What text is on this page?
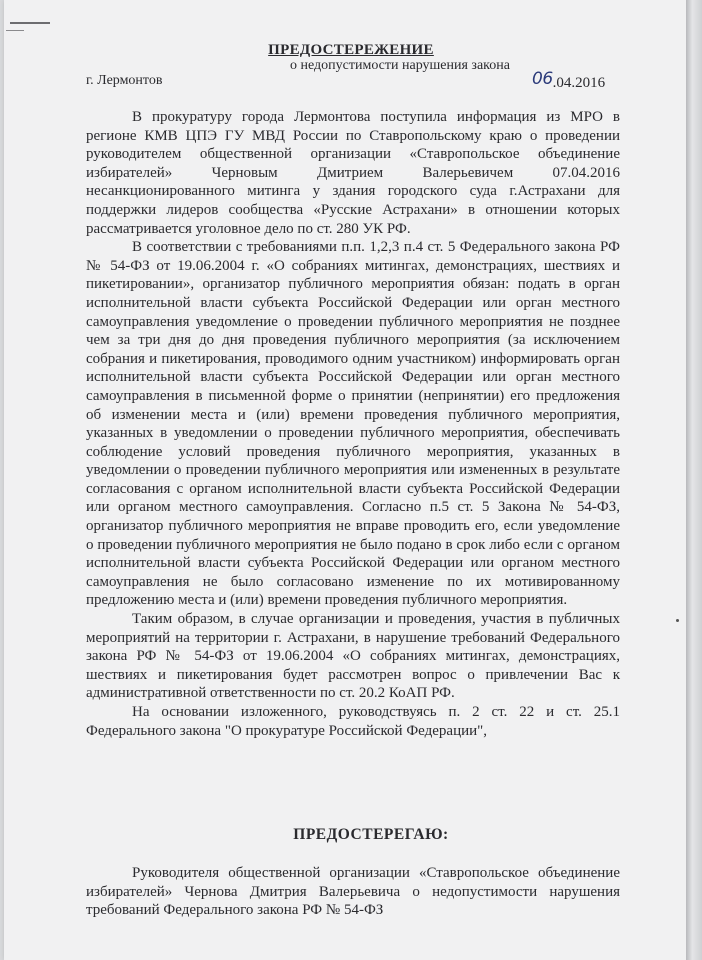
ПРЕДОСТЕРЕЖЕНИЕ
о недопустимости нарушения закона
г. Лермонтов	06.04.2016

В прокуратуру города Лермонтова поступила информация из МРО в регионе КМВ ЦПЭ ГУ МВД России по Ставропольскому краю о проведении руководителем общественной организации «Ставропольское объединение избирателей» Черновым Дмитрием Валерьевичем 07.04.2016 несанкционированного митинга у здания городского суда г.Астрахани для поддержки лидеров сообщества «Русские Астрахани» в отношении которых рассматривается уголовное дело по ст. 280 УК РФ.

В соответствии с требованиями п.п. 1,2,3 п.4 ст. 5 Федерального закона РФ № 54-ФЗ от 19.06.2004 г. «О собраниях митингах, демонстрациях, шествиях и пикетировании», организатор публичного мероприятия обязан: подать в орган исполнительной власти субъекта Российской Федерации или орган местного самоуправления уведомление о проведении публичного мероприятия не позднее чем за три дня до дня проведения публичного мероприятия (за исключением собрания и пикетирования, проводимого одним участником) информировать орган исполнительной власти субъекта Российской Федерации или орган местного самоуправления в письменной форме о принятии (непринятии) его предложения об изменении места и (или) времени проведения публичного мероприятия, указанных в уведомлении о проведении публичного мероприятия, обеспечивать соблюдение условий проведения публичного мероприятия, указанных в уведомлении о проведении публичного мероприятия или измененных в результате согласования с органом исполнительной власти субъекта Российской Федерации или органом местного самоуправления. Согласно п.5 ст. 5 Закона № 54-ФЗ, организатор публичного мероприятия не вправе проводить его, если уведомление о проведении публичного мероприятия не было подано в срок либо если с органом исполнительной власти субъекта Российской Федерации или органом местного самоуправления не было согласовано изменение по их мотивированному предложению места и (или) времени проведения публичного мероприятия.

Таким образом, в случае организации и проведения, участия в публичных мероприятий на территории г. Астрахани, в нарушение требований Федерального закона РФ № 54-ФЗ от 19.06.2004 «О собраниях митингах, демонстрациях, шествиях и пикетирования будет рассмотрен вопрос о привлечении Вас к административной ответственности по ст. 20.2 КоАП РФ.

На основании изложенного, руководствуясь п. 2 ст. 22 и ст. 25.1 Федерального закона "О прокуратуре Российской Федерации",

ПРЕДОСТЕРЕГАЮ:

Руководителя общественной организации «Ставропольское объединение избирателей» Чернова Дмитрия Валерьевича о недопустимости нарушения требований Федерального закона РФ № 54-ФЗ
